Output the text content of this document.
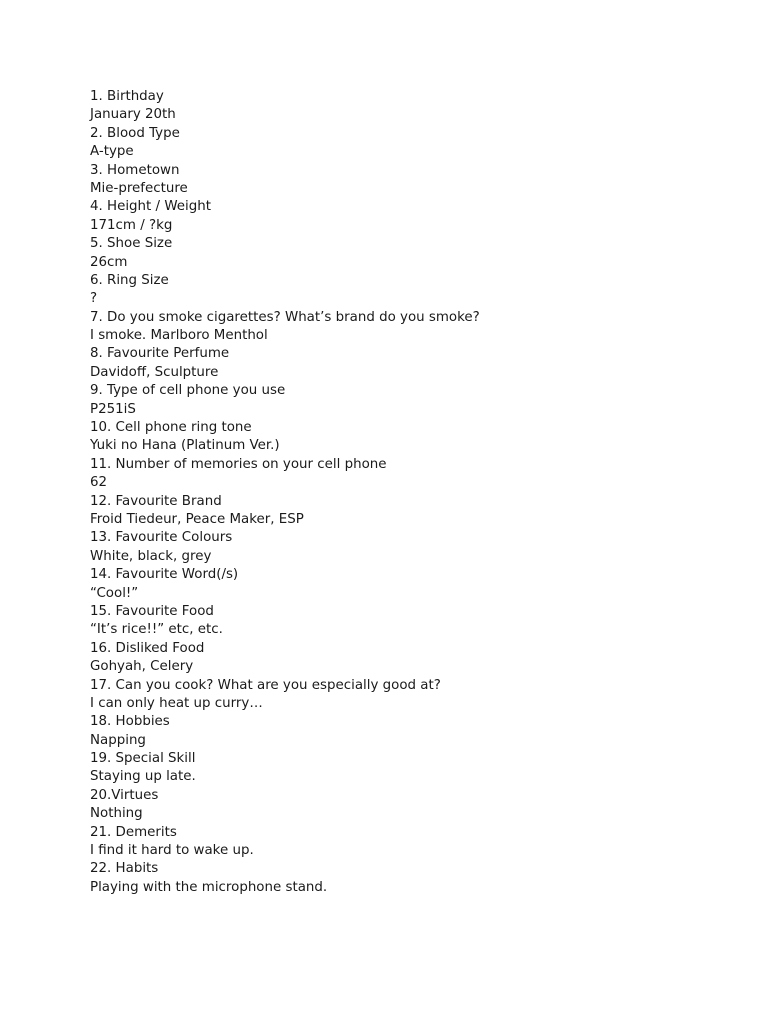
1. Birthday
January 20th
2. Blood Type
A-type
3. Hometown
Mie-prefecture
4. Height / Weight
171cm / ?kg
5. Shoe Size
26cm
6. Ring Size
?
7. Do you smoke cigarettes? What’s brand do you smoke?
I smoke. Marlboro Menthol
8. Favourite Perfume
Davidoff, Sculpture
9. Type of cell phone you use
P251iS
10. Cell phone ring tone
Yuki no Hana (Platinum Ver.)
11. Number of memories on your cell phone
62
12. Favourite Brand
Froid Tiedeur, Peace Maker, ESP
13. Favourite Colours
White, black, grey
14. Favourite Word(/s)
“Cool!”
15. Favourite Food
“It’s rice!!” etc, etc.
16. Disliked Food
Gohyah, Celery
17. Can you cook? What are you especially good at?
I can only heat up curry…
18. Hobbies
Napping
19. Special Skill
Staying up late.
20.Virtues
Nothing
21. Demerits
I find it hard to wake up.
22. Habits
Playing with the microphone stand.
